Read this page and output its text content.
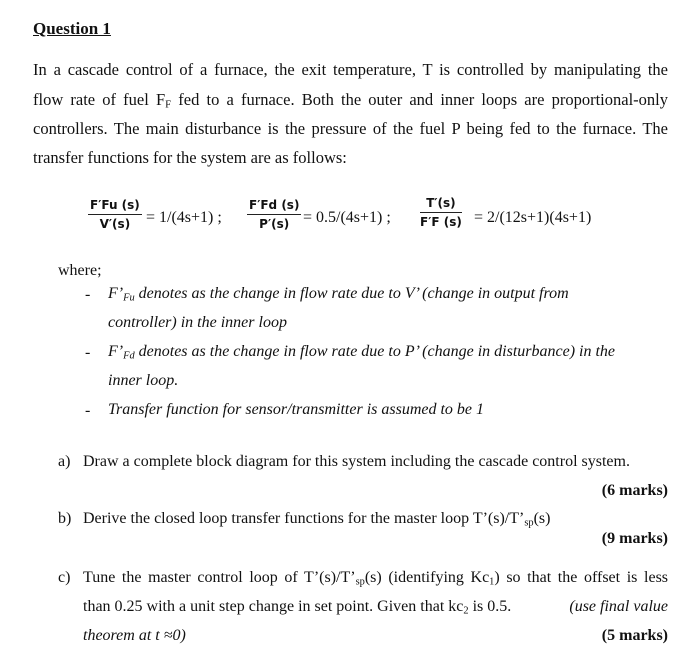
Question 1
In a cascade control of a furnace, the exit temperature, T is controlled by manipulating the
flow rate of fuel $F_F$ fed to a furnace. Both the outer and inner loops are proportional-only
controllers. The main disturbance is the pressure of the fuel P being fed to the furnace. The
transfer functions for the system are as follows:
F′Fu (s)
V′(s) = 1/(4s+1) ;
F′Fd (s)
P′(s) = 0.5/(4s+1) ;
T′(s)
F′F (s) = 2/(12s+1)(4s+1)
where;
- $F’_{Fu}$ denotes as the change in flow rate due to V’ (change in output from
controller) in the inner loop
- $F’_{Fd}$ denotes as the change in flow rate due to P’ (change in disturbance) in the
inner loop.
- Transfer function for sensor/transmitter is assumed to be 1
a) Draw a complete block diagram for this system including the cascade control system.
(6 marks)
b) Derive the closed loop transfer functions for the master loop $T’(s)/T’_{sp}(s)$
(9 marks)
c) Tune the master control loop of $T’(s)/T’_{sp}(s)$ (identifying $Kc_1$) so that the offset is less
than 0.25 with a unit step change in set point. Given that $kc_2$ is 0.5.	(use final value
theorem at t ≈0)	(5 marks)
